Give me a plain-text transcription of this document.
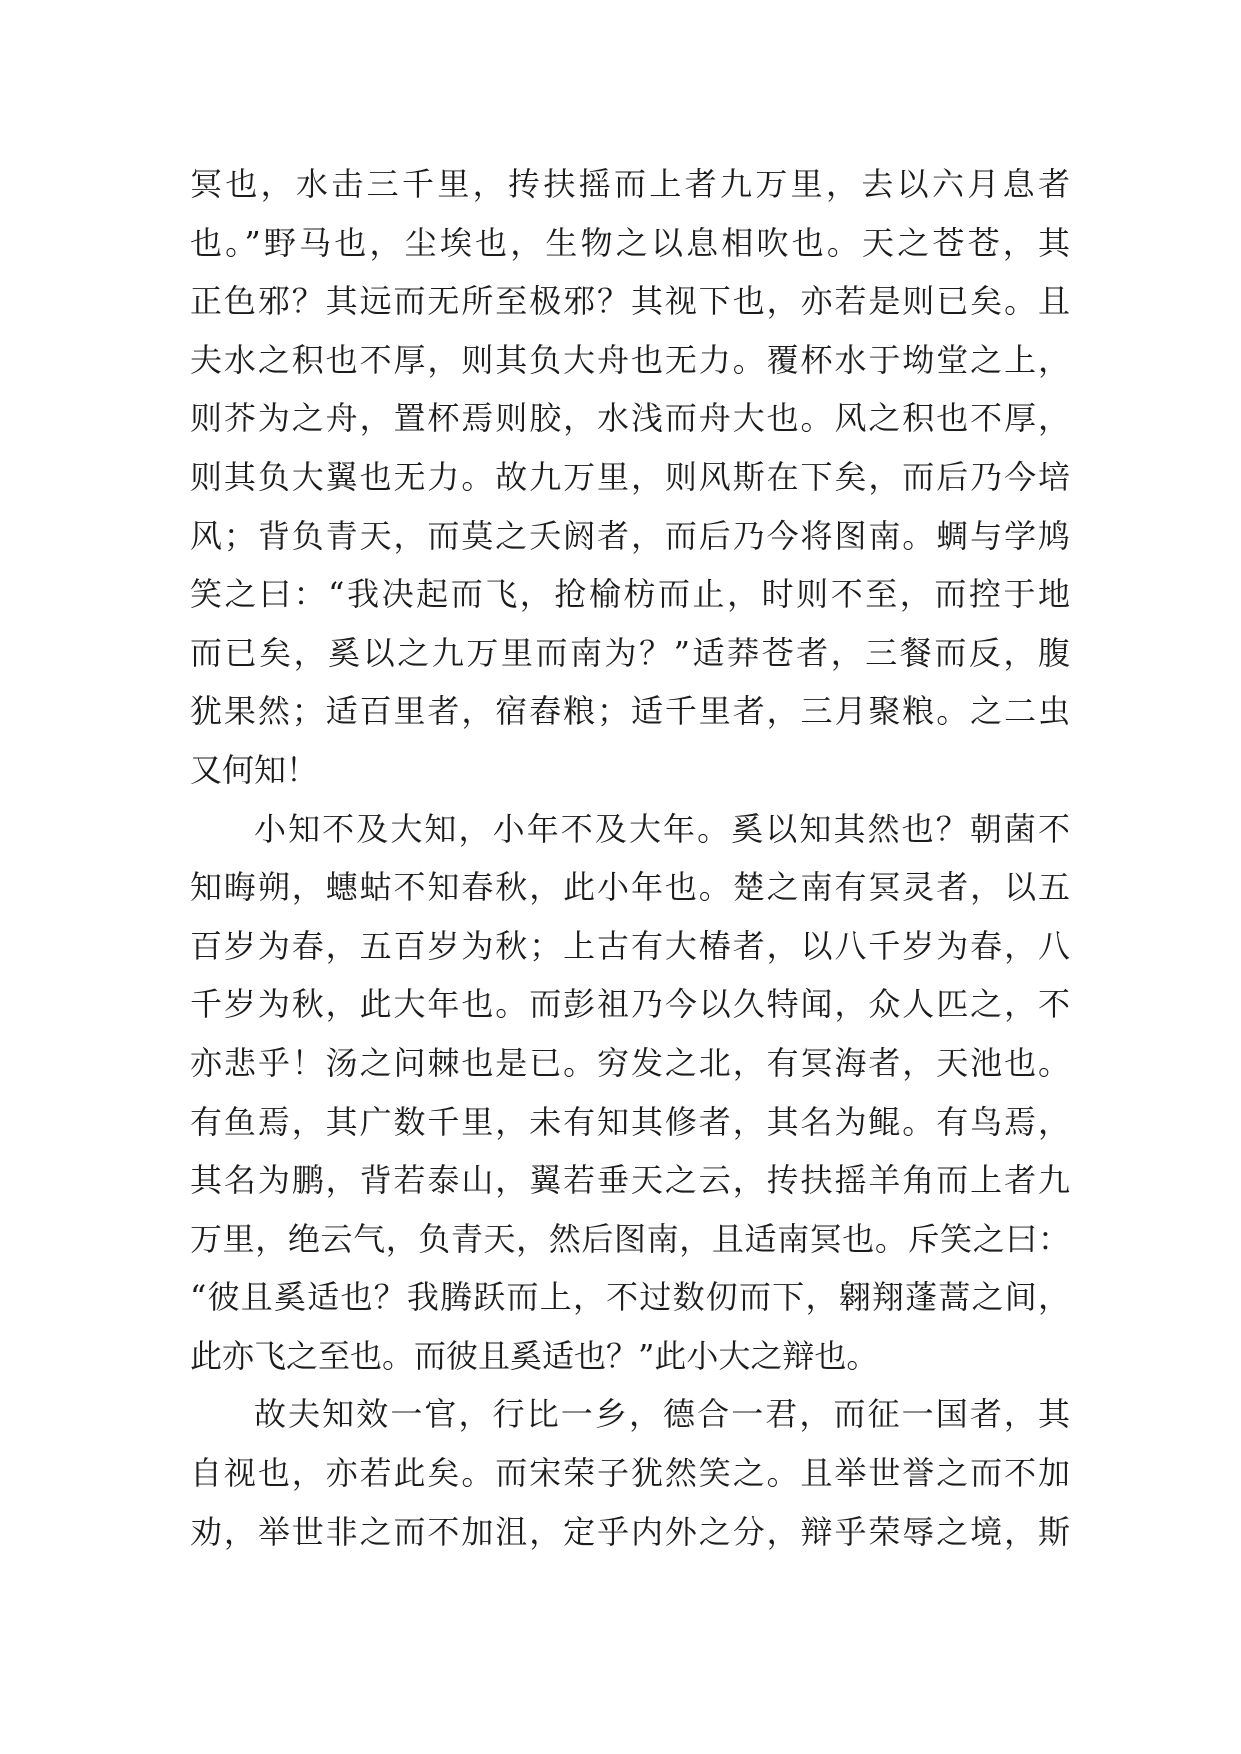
冥也，水击三千里，抟扶摇而上者九万里，去以六月息者
也。”野马也，尘埃也，生物之以息相吹也。天之苍苍，其
正色邪？其远而无所至极邪？其视下也，亦若是则已矣。且
夫水之积也不厚，则其负大舟也无力。覆杯水于坳堂之上，
则芥为之舟，置杯焉则胶，水浅而舟大也。风之积也不厚，
则其负大翼也无力。故九万里，则风斯在下矣，而后乃今培
风；背负青天，而莫之夭阏者，而后乃今将图南。蜩与学鸠
笑之曰：“我决起而飞，抢榆枋而止，时则不至，而控于地
而已矣，奚以之九万里而南为？”适莽苍者，三餐而反，腹
犹果然；适百里者，宿舂粮；适千里者，三月聚粮。之二虫
又何知！
小知不及大知，小年不及大年。奚以知其然也？朝菌不
知晦朔，蟪蛄不知春秋，此小年也。楚之南有冥灵者，以五
百岁为春，五百岁为秋；上古有大椿者，以八千岁为春，八
千岁为秋，此大年也。而彭祖乃今以久特闻，众人匹之，不
亦悲乎！汤之问棘也是已。穷发之北，有冥海者，天池也。
有鱼焉，其广数千里，未有知其修者，其名为鲲。有鸟焉，
其名为鹏，背若泰山，翼若垂天之云，抟扶摇羊角而上者九
万里，绝云气，负青天，然后图南，且适南冥也。斥笑之曰：
“彼且奚适也？我腾跃而上，不过数仞而下，翱翔蓬蒿之间，
此亦飞之至也。而彼且奚适也？”此小大之辩也。
故夫知效一官，行比一乡，德合一君，而征一国者，其
自视也，亦若此矣。而宋荣子犹然笑之。且举世誉之而不加
劝，举世非之而不加沮，定乎内外之分，辩乎荣辱之境，斯
